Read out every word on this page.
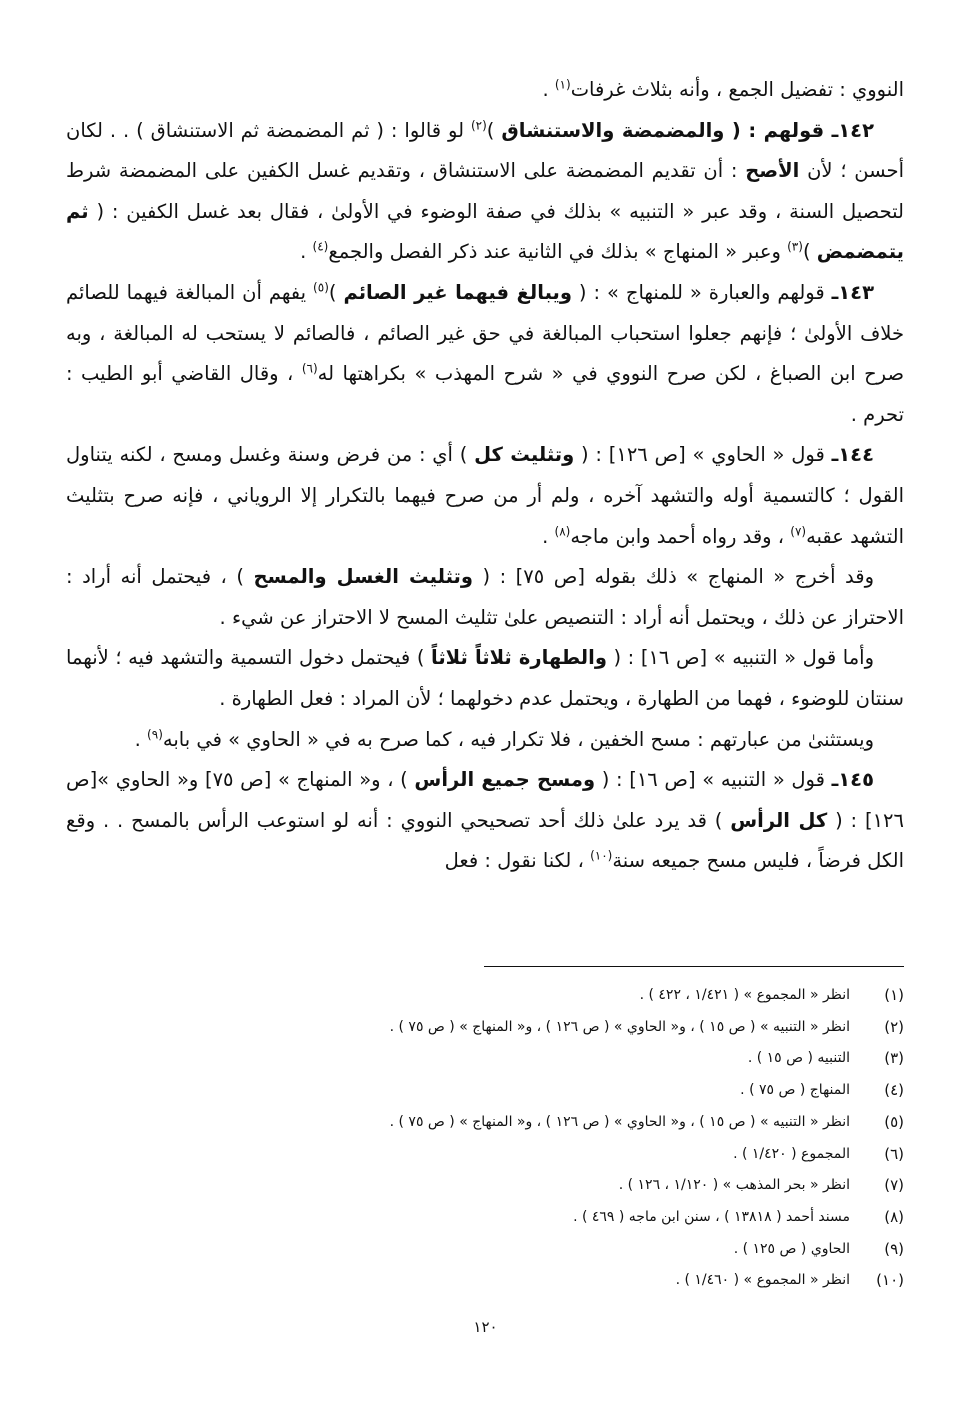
النووي : تفضيل الجمع ، وأنه بثلاث غرفات$^{(١)}$ .

١٤٢ـ قولهم : ( والمضمضة والاستنشاق )$^{(٢)}$ لو قالوا : ( ثم المضمضة ثم الاستنشاق ) . . لكان أحسن ؛ لأن الأصح : أن تقديم المضمضة على الاستنشاق ، وتقديم غسل الكفين على المضمضة شرط لتحصيل السنة ، وقد عبر « التنبيه » بذلك في صفة الوضوء في الأولىٰ ، فقال بعد غسل الكفين : ( ثم يتمضمض )$^{(٣)}$ وعبر « المنهاج » بذلك في الثانية عند ذكر الفصل والجمع$^{(٤)}$ .

١٤٣ـ قولهم والعبارة « للمنهاج » : ( ويبالغ فيهما غير الصائم )$^{(٥)}$ يفهم أن المبالغة فيهما للصائم خلاف الأولىٰ ؛ فإنهم جعلوا استحباب المبالغة في حق غير الصائم ، فالصائم لا يستحب له المبالغة ، وبه صرح ابن الصباغ ، لكن صرح النووي في « شرح المهذب » بكراهتها له$^{(٦)}$ ، وقال القاضي أبو الطيب : تحرم .

١٤٤ـ قول « الحاوي » [ص ١٢٦] : ( وتثليث كل ) أي : من فرض وسنة وغسل ومسح ، لكنه يتناول القول ؛ كالتسمية أوله والتشهد آخره ، ولم أر من صرح فيهما بالتكرار إلا الروياني ، فإنه صرح بتثليث التشهد عقبه$^{(٧)}$ ، وقد رواه أحمد وابن ماجه$^{(٨)}$ .

وقد أخرج « المنهاج » ذلك بقوله [ص ٧٥] : ( وتثليث الغسل والمسح ) ، فيحتمل أنه أراد : الاحتراز عن ذلك ، ويحتمل أنه أراد : التنصيص علىٰ تثليث المسح لا الاحتراز عن شيء .

وأما قول « التنبيه » [ص ١٦] : ( والطهارة ثلاثاً ثلاثاً ) فيحتمل دخول التسمية والتشهد فيه ؛ لأنهما سنتان للوضوء ، فهما من الطهارة ، ويحتمل عدم دخولهما ؛ لأن المراد : فعل الطهارة .

ويستثنىٰ من عبارتهم : مسح الخفين ، فلا تكرار فيه ، كما صرح به في « الحاوي » في بابه$^{(٩)}$ .

١٤٥ـ قول « التنبيه » [ص ١٦] : ( ومسح جميع الرأس ) ، و« المنهاج » [ص ٧٥] و« الحاوي »[ص ١٢٦] : ( كل الرأس ) قد يرد علىٰ ذلك أحد تصحيحي النووي : أنه لو استوعب الرأس بالمسح . . وقع الكل فرضاً ، فليس مسح جميعه سنة$^{(١٠)}$ ، لكنا نقول : فعل

(١)
انظر « المجموع » ( ١/٤٢١ ، ٤٢٢ ) .
(٢)
انظر « التنبيه » ( ص ١٥ ) ، و« الحاوي » ( ص ١٢٦ ) ، و« المنهاج » ( ص ٧٥ ) .
(٣)
التنبيه ( ص ١٥ ) .
(٤)
المنهاج ( ص ٧٥ ) .
(٥)
انظر « التنبيه » ( ص ١٥ ) ، و« الحاوي » ( ص ١٢٦ ) ، و« المنهاج » ( ص ٧٥ ) .
(٦)
المجموع ( ١/٤٢٠ ) .
(٧)
انظر « بحر المذهب » ( ١/١٢٠ ، ١٢٦ ) .
(٨)
مسند أحمد ( ١٣٨١٨ ) ، سنن ابن ماجه ( ٤٦٩ ) .
(٩)
الحاوي ( ص ١٢٥ ) .
(١٠)
انظر « المجموع » ( ١/٤٦٠ ) .
١٢٠
